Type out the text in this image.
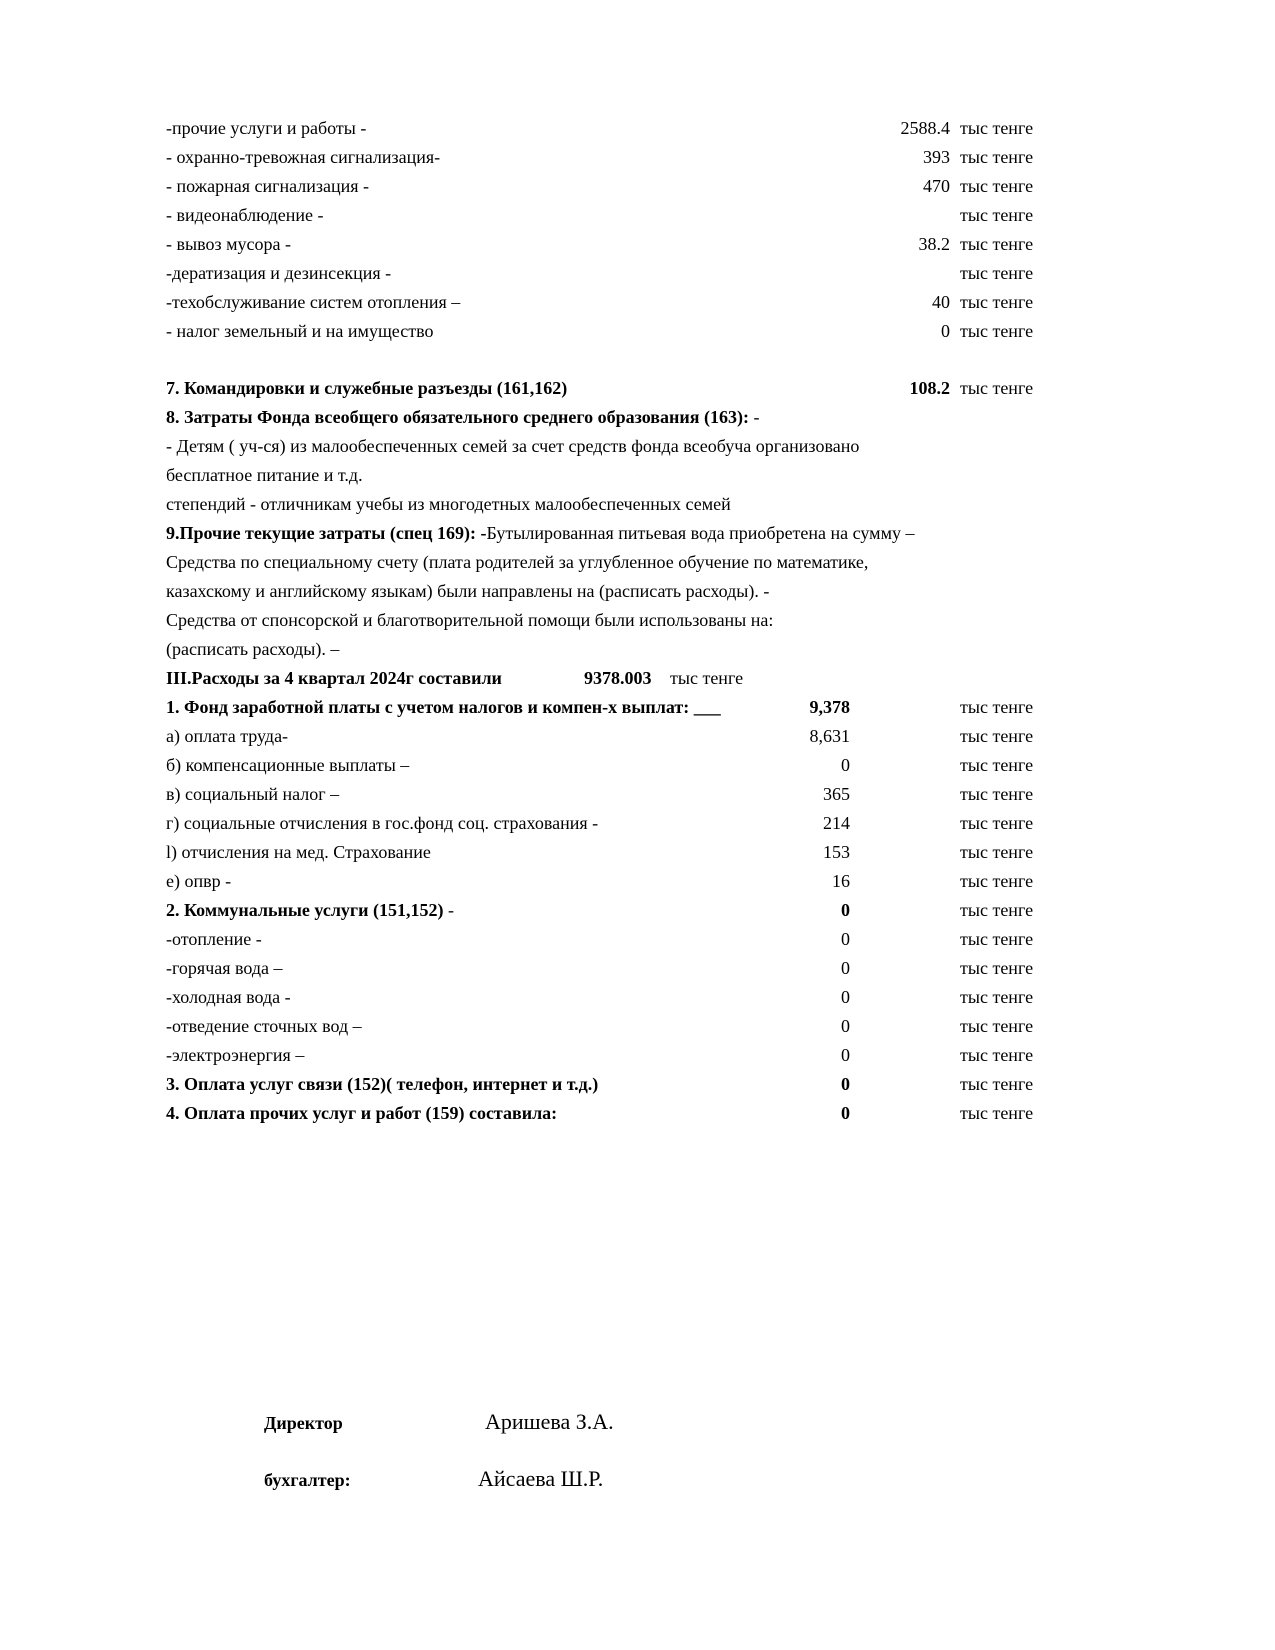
-прочие услуги и работы -	2588.4 тыс тенге
- охранно-тревожная сигнализация-	393 тыс тенге
- пожарная сигнализация -	470 тыс тенге
- видеонаблюдение -	тыс тенге
- вывоз мусора -	38.2 тыс тенге
-дератизация и дезинсекция -	тыс тенге
-техобслуживание систем отопления –	40 тыс тенге
- налог земельный и на имущество	0 тыс тенге
7. Командировки и служебные разъезды (161,162)	108.2 тыс тенге
8. Затраты Фонда всеобщего обязательного среднего образования (163): -
- Детям ( уч-ся) из малообеспеченных семей за счет средств фонда всеобуча организовано
бесплатное питание и т.д.
степендий - отличникам учебы из многодетных малообеспеченных семей
9.Прочие текущие затраты (спец 169): -Бутылированная питьевая вода приобретена на сумму –
Средства по специальному счету (плата родителей за углубленное обучение по математике,
казахскому и английскому языкам) были направлены на (расписать расходы). -
Средства от спонсорской и благотворительной помощи были использованы на:
(расписать расходы). –
III.Расходы за 4 квартал 2024г составили	9378.003 тыс тенге
1. Фонд заработной платы с учетом налогов и компен-х выплат: ___	9,378	тыс тенге
а) оплата труда-	8,631	тыс тенге
б) компенсационные выплаты –	0	тыс тенге
в) социальный налог –	365	тыс тенге
г) социальные отчисления в гос.фонд соц. страхования -	214	тыс тенге
l) отчисления на мед. Страхование	153	тыс тенге
е) опвр -	16	тыс тенге
2. Коммунальные услуги (151,152) -	0	тыс тенге
-отопление -	0	тыс тенге
-горячая вода –	0	тыс тенге
-холодная вода -	0	тыс тенге
-отведение сточных вод –	0	тыс тенге
-электроэнергия –	0	тыс тенге
3. Оплата услуг связи (152)( телефон, интернет и т.д.)	0	тыс тенге
4. Оплата прочих услуг и работ (159) составила:	0	тыс тенге
Директор	Аришева З.А.
бухгалтер:	Айсаева Ш.Р.
